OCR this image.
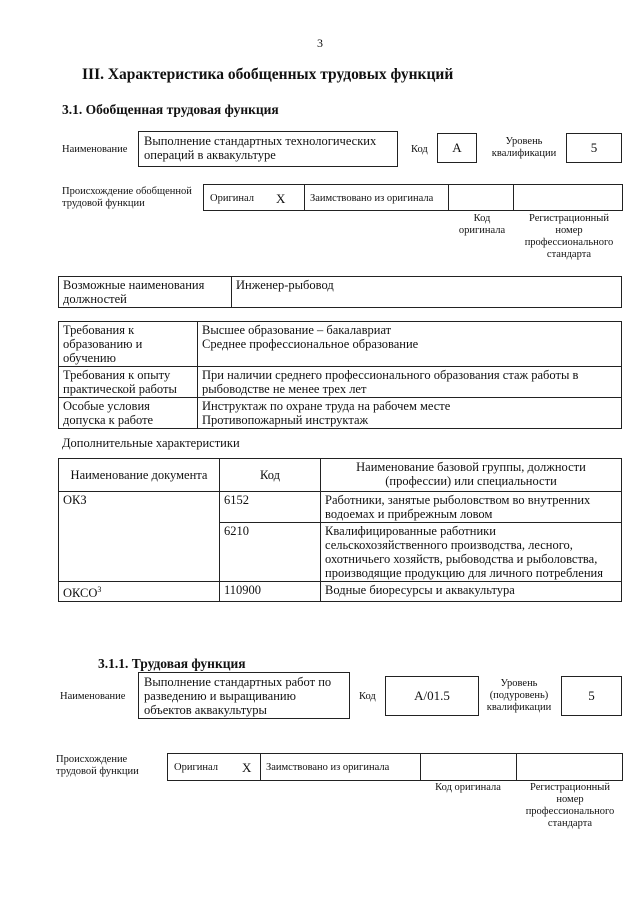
3
III. Характеристика обобщенных трудовых функций
3.1. Обобщенная трудовая функция
Наименование
Выполнение стандартных технологических операций в аквакультуре	Код	А	Уровень квалификации	5
Происхождение обобщенной трудовой функции	Оригинал Х Заимствовано из оригинала
Код оригинала
Регистрационный номер профессионального стандарта
Возможные наименования должностей	Инженер-рыбовод
Требования к образованию и обучению	Высшее образование – бакалавриат
Среднее профессиональное образование

Требования к опыту практической работы	При наличии среднего профессионального образования стаж работы в рыбоводстве не менее трех лет

Особые условия допуска к работе	Инструктаж по охране труда на рабочем месте
Противопожарный инструктаж
Дополнительные характеристики
Наименование документа	Код	Наименование базовой группы, должности (профессии) или специальности
ОКЗ	6152	Работники, занятые рыболовством во внутренних водоемах и прибрежным ловом
	6210	Квалифицированные работники сельскохозяйственного производства, лесного, охотничьего хозяйств, рыбоводства и рыболовства, производящие продукцию для личного потребления
ОКСО$^3$	110900	Водные биоресурсы и аквакультура
3.1.1. Трудовая функция
Наименование
Выполнение стандартных работ по разведению и выращиванию объектов аквакультуры
Код	А/01.5
Уровень (подуровень) квалификации
5
Происхождение трудовой функции	Оригинал Х Заимствовано из оригинала
Код оригинала	Регистрационный номер профессионального стандарта
